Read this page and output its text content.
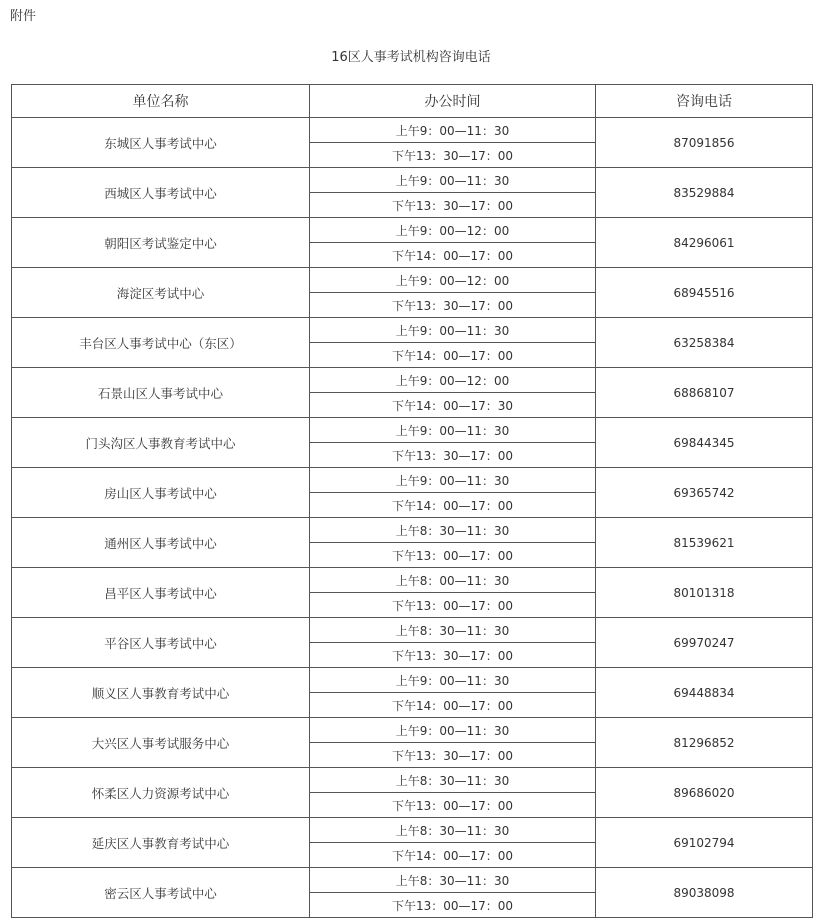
附件
16区人事考试机构咨询电话
单位名称	办公时间	咨询电话
东城区人事考试中心	上午9：00—11：30	87091856
	下午13：30—17：00	
西城区人事考试中心	上午9：00—11：30	83529884
	下午13：30—17：00	
朝阳区考试鉴定中心	上午9：00—12：00	84296061
	下午14：00—17：00	
海淀区考试中心	上午9：00—12：00	68945516
	下午13：30—17：00	
丰台区人事考试中心（东区）	上午9：00—11：30	63258384
	下午14：00—17：00	
石景山区人事考试中心	上午9：00—12：00	68868107
	下午14：00—17：30	
门头沟区人事教育考试中心	上午9：00—11：30	69844345
	下午13：30—17：00	
房山区人事考试中心	上午9：00—11：30	69365742
	下午14：00—17：00	
通州区人事考试中心	上午8：30—11：30	81539621
	下午13：00—17：00	
昌平区人事考试中心	上午8：00—11：30	80101318
	下午13：00—17：00	
平谷区人事考试中心	上午8：30—11：30	69970247
	下午13：30—17：00	
顺义区人事教育考试中心	上午9：00—11：30	69448834
	下午14：00—17：00	
大兴区人事考试服务中心	上午9：00—11：30	81296852
	下午13：30—17：00	
怀柔区人力资源考试中心	上午8：30—11：30	89686020
	下午13：00—17：00	
延庆区人事教育考试中心	上午8：30—11：30	69102794
	下午14：00—17：00	
密云区人事考试中心	上午8：30—11：30	89038098
	下午13：00—17：00	
